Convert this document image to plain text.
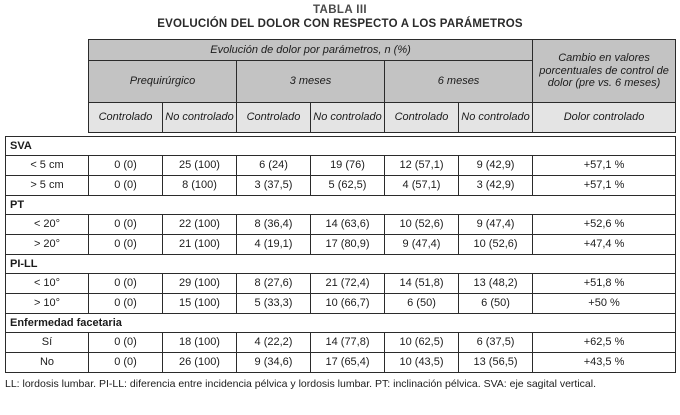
TABLA III
EVOLUCIÓN DEL DOLOR CON RESPECTO A LOS PARÁMETROS
	Evolución de dolor por parámetros, n (%)						Cambio en valores porcentuales de control de dolor (pre vs. 6 meses)
	Prequirúrgico		3 meses		6 meses		
	Controlado	No controlado	Controlado	No controlado	Controlado	No controlado	Dolor controlado

SVA							
< 5 cm	0 (0)	25 (100)	6 (24)	19 (76)	12 (57,1)	9 (42,9)	+57,1 %
> 5 cm	0 (0)	8 (100)	3 (37,5)	5 (62,5)	4 (57,1)	3 (42,9)	+57,1 %
PT							
< 20°	0 (0)	22 (100)	8 (36,4)	14 (63,6)	10 (52,6)	9 (47,4)	+52,6 %
> 20°	0 (0)	21 (100)	4 (19,1)	17 (80,9)	9 (47,4)	10 (52,6)	+47,4 %
PI-LL							
< 10°	0 (0)	29 (100)	8 (27,6)	21 (72,4)	14 (51,8)	13 (48,2)	+51,8 %
> 10°	0 (0)	15 (100)	5 (33,3)	10 (66,7)	6 (50)	6 (50)	+50 %
Enfermedad facetaria							
Sí	0 (0)	18 (100)	4 (22,2)	14 (77,8)	10 (62,5)	6 (37,5)	+62,5 %
No	0 (0)	26 (100)	9 (34,6)	17 (65,4)	10 (43,5)	13 (56,5)	+43,5 %
LL: lordosis lumbar. PI-LL: diferencia entre incidencia pélvica y lordosis lumbar. PT: inclinación pélvica. SVA: eje sagital vertical.
